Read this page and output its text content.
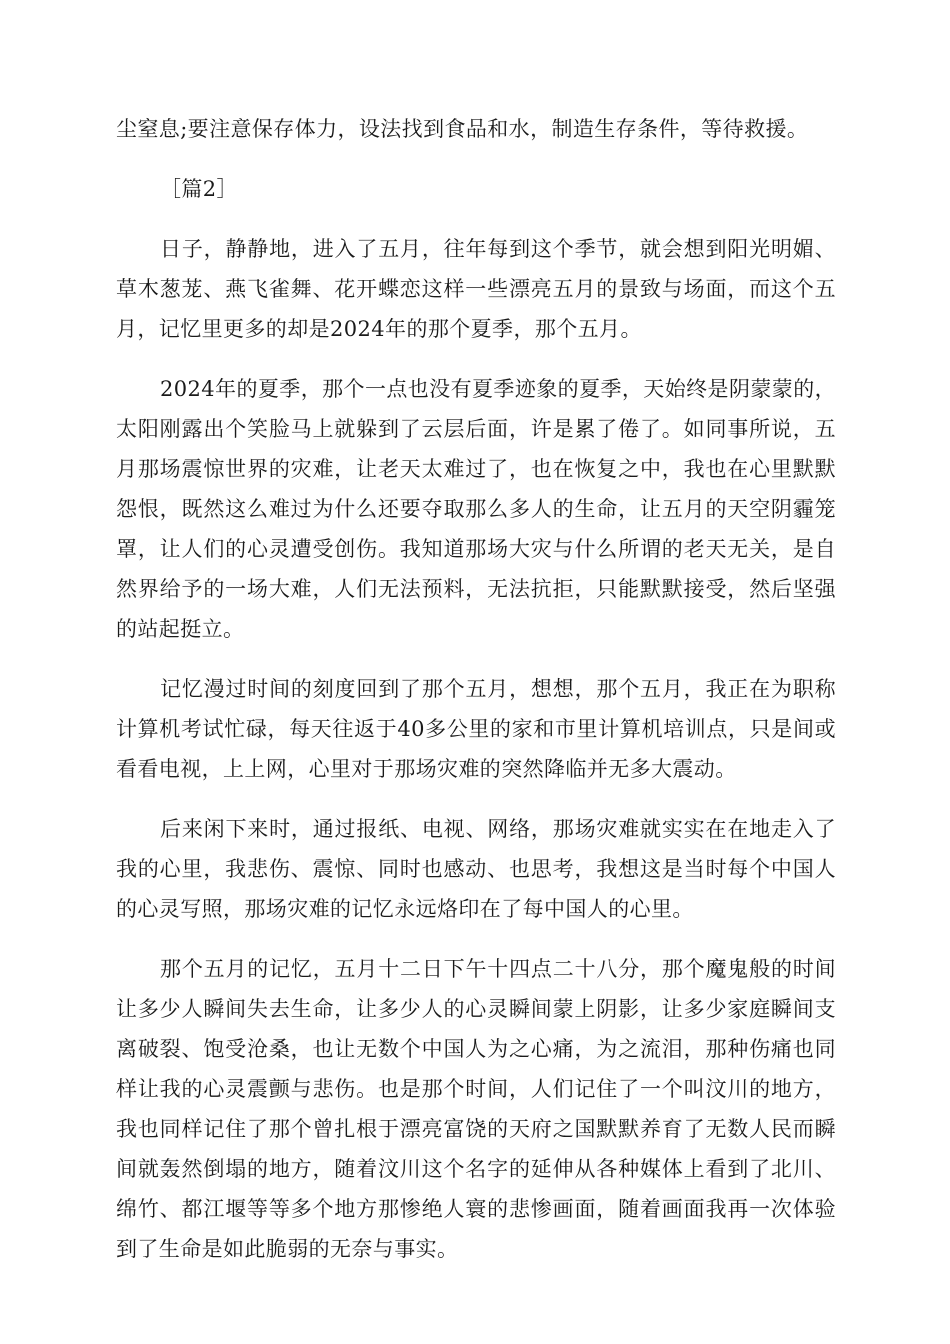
尘窒息;要注意保存体力，设法找到食品和水，制造生存条件，等待救援。

［篇2］

日子，静静地，进入了五月，往年每到这个季节，就会想到阳光明媚、草木葱茏、燕飞雀舞、花开蝶恋这样一些漂亮五月的景致与场面，而这个五月，记忆里更多的却是2024年的那个夏季，那个五月。

2024年的夏季，那个一点也没有夏季迹象的夏季，天始终是阴蒙蒙的，太阳刚露出个笑脸马上就躲到了云层后面，许是累了倦了。如同事所说，五月那场震惊世界的灾难，让老天太难过了，也在恢复之中，我也在心里默默怨恨，既然这么难过为什么还要夺取那么多人的生命，让五月的天空阴霾笼罩，让人们的心灵遭受创伤。我知道那场大灾与什么所谓的老天无关，是自然界给予的一场大难，人们无法预料，无法抗拒，只能默默接受，然后坚强的站起挺立。

记忆漫过时间的刻度回到了那个五月，想想，那个五月，我正在为职称计算机考试忙碌，每天往返于40多公里的家和市里计算机培训点，只是间或看看电视，上上网，心里对于那场灾难的突然降临并无多大震动。

后来闲下来时，通过报纸、电视、网络，那场灾难就实实在在地走入了我的心里，我悲伤、震惊、同时也感动、也思考，我想这是当时每个中国人的心灵写照，那场灾难的记忆永远烙印在了每中国人的心里。

那个五月的记忆，五月十二日下午十四点二十八分，那个魔鬼般的时间让多少人瞬间失去生命，让多少人的心灵瞬间蒙上阴影，让多少家庭瞬间支离破裂、饱受沧桑，也让无数个中国人为之心痛，为之流泪，那种伤痛也同样让我的心灵震颤与悲伤。也是那个时间，人们记住了一个叫汶川的地方，我也同样记住了那个曾扎根于漂亮富饶的天府之国默默养育了无数人民而瞬间就轰然倒塌的地方，随着汶川这个名字的延伸从各种媒体上看到了北川、绵竹、都江堰等等多个地方那惨绝人寰的悲惨画面，随着画面我再一次体验到了生命是如此脆弱的无奈与事实。
